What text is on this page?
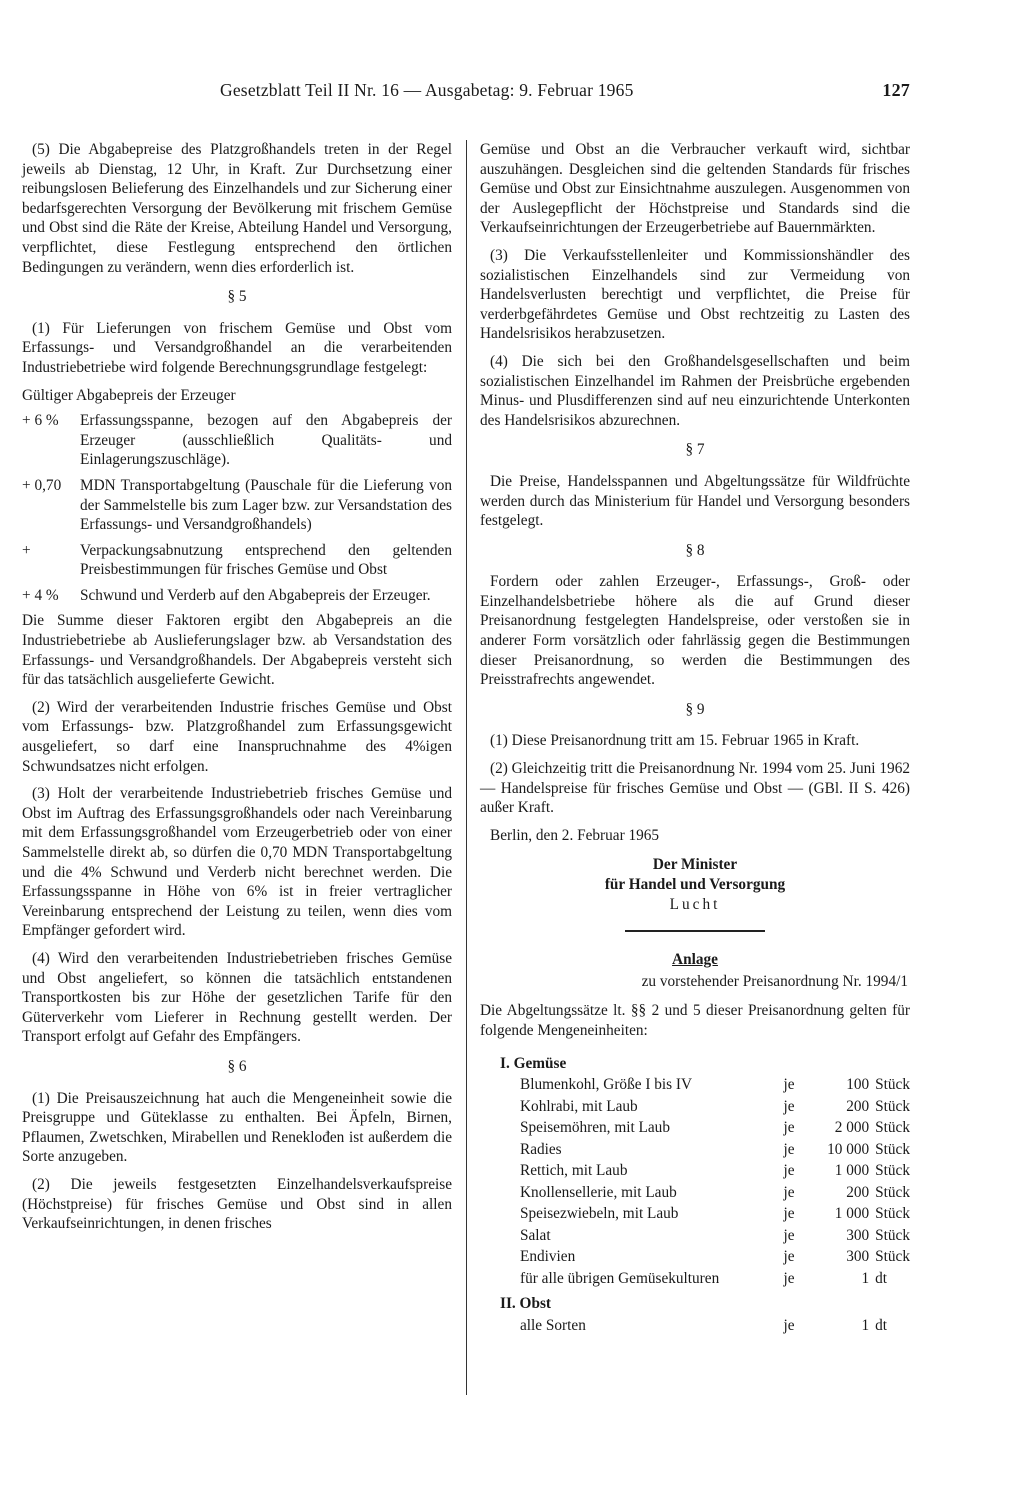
Gesetzblatt Teil II Nr. 16 — Ausgabetag: 9. Februar 1965	127

(5) Die Abgabepreise des Platzgroßhandels treten in der Regel jeweils ab Dienstag, 12 Uhr, in Kraft. Zur Durchsetzung einer reibungslosen Belieferung des Einzelhandels und zur Sicherung einer bedarfsgerechten Versorgung der Bevölkerung mit frischem Gemüse und Obst sind die Räte der Kreise, Abteilung Handel und Versorgung, verpflichtet, diese Festlegung entsprechend den örtlichen Bedingungen zu verändern, wenn dies erforderlich ist.

§ 5

(1) Für Lieferungen von frischem Gemüse und Obst vom Erfassungs- und Versandgroßhandel an die verarbeitenden Industriebetriebe wird folgende Berechnungsgrundlage festgelegt:

Gültiger Abgabepreis der Erzeuger

+ 6 %	Erfassungsspanne, bezogen auf den Abgabepreis der Erzeuger (ausschließlich Qualitäts- und Einlagerungszuschläge).
+ 0,70	MDN Transportabgeltung (Pauschale für die Lieferung von der Sammelstelle bis zum Lager bzw. zur Versandstation des Erfassungs- und Versandgroßhandels)
+	Verpackungsabnutzung entsprechend den geltenden Preisbestimmungen für frisches Gemüse und Obst
+ 4 %	Schwund und Verderb auf den Abgabepreis der Erzeuger.

Die Summe dieser Faktoren ergibt den Abgabepreis an die Industriebetriebe ab Auslieferungslager bzw. ab Versandstation des Erfassungs- und Versandgroßhandels. Der Abgabepreis versteht sich für das tatsächlich ausgelieferte Gewicht.

(2) Wird der verarbeitenden Industrie frisches Gemüse und Obst vom Erfassungs- bzw. Platzgroßhandel zum Erfassungsgewicht ausgeliefert, so darf eine Inanspruchnahme des 4%igen Schwundsatzes nicht erfolgen.

(3) Holt der verarbeitende Industriebetrieb frisches Gemüse und Obst im Auftrag des Erfassungsgroßhandels oder nach Vereinbarung mit dem Erfassungsgroßhandel vom Erzeugerbetrieb oder von einer Sammelstelle direkt ab, so dürfen die 0,70 MDN Transportabgeltung und die 4% Schwund und Verderb nicht berechnet werden. Die Erfassungsspanne in Höhe von 6% ist in freier vertraglicher Vereinbarung entsprechend der Leistung zu teilen, wenn dies vom Empfänger gefordert wird.

(4) Wird den verarbeitenden Industriebetrieben frisches Gemüse und Obst angeliefert, so können die tatsächlich entstandenen Transportkosten bis zur Höhe der gesetzlichen Tarife für den Güterverkehr vom Lieferer in Rechnung gestellt werden. Der Transport erfolgt auf Gefahr des Empfängers.

§ 6

(1) Die Preisauszeichnung hat auch die Mengeneinheit sowie die Preisgruppe und Güteklasse zu enthalten. Bei Äpfeln, Birnen, Pflaumen, Zwetschken, Mirabellen und Reneklođen ist außerdem die Sorte anzugeben.

(2) Die jeweils festgesetzten Einzelhandelsverkaufspreise (Höchstpreise) für frisches Gemüse und Obst sind in allen Verkaufseinrichtungen, in denen frisches

Gemüse und Obst an die Verbraucher verkauft wird, sichtbar auszuhängen. Desgleichen sind die geltenden Standards für frisches Gemüse und Obst zur Einsichtnahme auszulegen. Ausgenommen von der Auslegepflicht der Höchstpreise und Standards sind die Verkaufseinrichtungen der Erzeugerbetriebe auf Bauernmärkten.

(3) Die Verkaufsstellenleiter und Kommissionshändler des sozialistischen Einzelhandels sind zur Vermeidung von Handelsverlusten berechtigt und verpflichtet, die Preise für verderbgefährdetes Gemüse und Obst rechtzeitig zu Lasten des Handelsrisikos herabzusetzen.

(4) Die sich bei den Großhandelsgesellschaften und beim sozialistischen Einzelhandel im Rahmen der Preisbrüche ergebenden Minus- und Plusdifferenzen sind auf neu einzurichtende Unterkonten des Handelsrisikos abzurechnen.

§ 7

Die Preise, Handelsspannen und Abgeltungssätze für Wildfrüchte werden durch das Ministerium für Handel und Versorgung besonders festgelegt.

§ 8

Fordern oder zahlen Erzeuger-, Erfassungs-, Groß- oder Einzelhandelsbetriebe höhere als die auf Grund dieser Preisanordnung festgelegten Handelspreise, oder verstoßen sie in anderer Form vorsätzlich oder fahrlässig gegen die Bestimmungen dieser Preisanordnung, so werden die Bestimmungen des Preisstrafrechts angewendet.

§ 9

(1) Diese Preisanordnung tritt am 15. Februar 1965 in Kraft.

(2) Gleichzeitig tritt die Preisanordnung Nr. 1994 vom 25. Juni 1962 — Handelspreise für frisches Gemüse und Obst — (GBl. II S. 426) außer Kraft.

Berlin, den 2. Februar 1965

Der Minister
für Handel und Versorgung
Lucht
Anlage
zu vorstehender Preisanordnung Nr. 1994/1

Die Abgeltungssätze lt. §§ 2 und 5 dieser Preisanordnung gelten für folgende Mengeneinheiten:

I. Gemüse			
Blumenkohl, Größe I bis IV	je	100	Stück
Kohlrabi, mit Laub	je	200	Stück
Speisemöhren, mit Laub	je	2 000	Stück
Radies	je	10 000	Stück
Rettich, mit Laub	je	1 000	Stück
Knollensellerie, mit Laub	je	200	Stück
Speisezwiebeln, mit Laub	je	1 000	Stück
Salat	je	300	Stück
Endivien	je	300	Stück
für alle übrigen Gemüsekulturen	je	1	dt
II. Obst			
alle Sorten	je	1	dt
